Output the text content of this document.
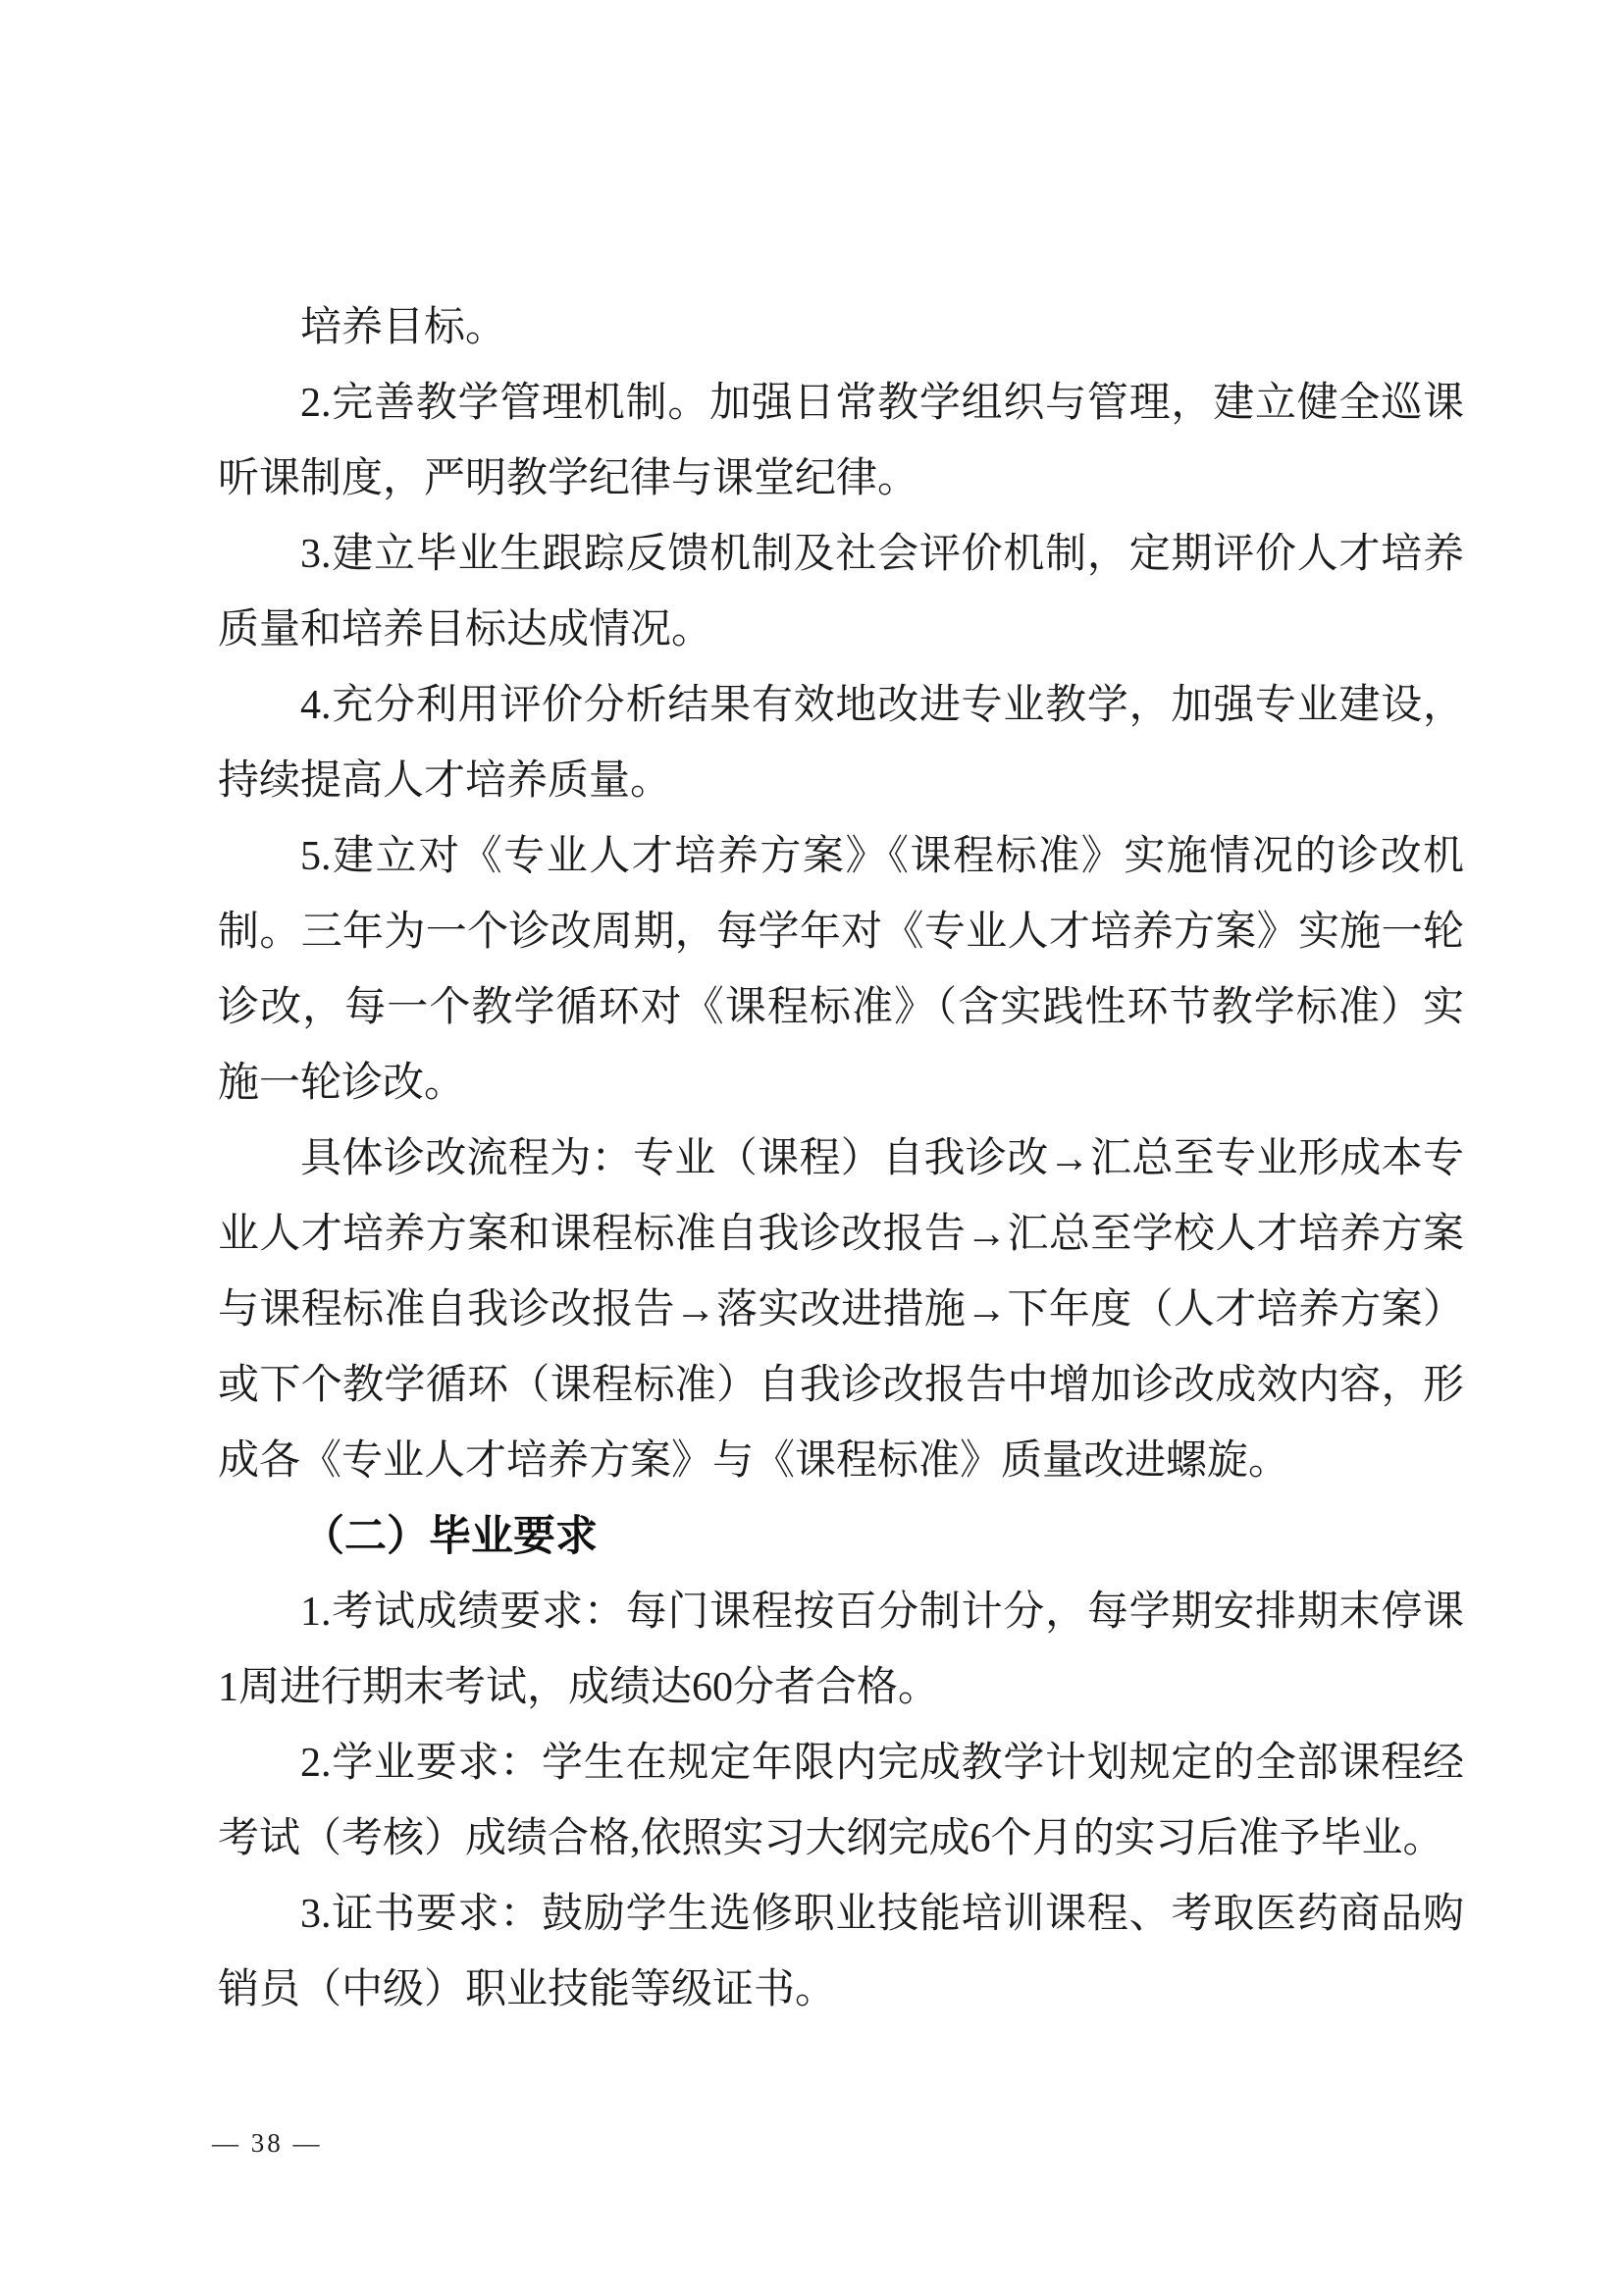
培养目标。

2.完善教学管理机制。加强日常教学组织与管理，建立健全巡课听课制度，严明教学纪律与课堂纪律。

3.建立毕业生跟踪反馈机制及社会评价机制，定期评价人才培养质量和培养目标达成情况。

4.充分利用评价分析结果有效地改进专业教学，加强专业建设，持续提高人才培养质量。

5.建立对《专业人才培养方案》《课程标准》实施情况的诊改机制。三年为一个诊改周期，每学年对《专业人才培养方案》实施一轮诊改，每一个教学循环对《课程标准》（含实践性环节教学标准）实施一轮诊改。

具体诊改流程为：专业（课程）自我诊改→汇总至专业形成本专业人才培养方案和课程标准自我诊改报告→汇总至学校人才培养方案与课程标准自我诊改报告→落实改进措施→下年度（人才培养方案）或下个教学循环（课程标准）自我诊改报告中增加诊改成效内容，形成各《专业人才培养方案》与《课程标准》质量改进螺旋。

（二）毕业要求

1.考试成绩要求：每门课程按百分制计分，每学期安排期末停课1周进行期末考试，成绩达60分者合格。

2.学业要求：学生在规定年限内完成教学计划规定的全部课程经考试（考核）成绩合格,依照实习大纲完成6个月的实习后准予毕业。

3.证书要求：鼓励学生选修职业技能培训课程、考取医药商品购销员（中级）职业技能等级证书。

— 38 —
